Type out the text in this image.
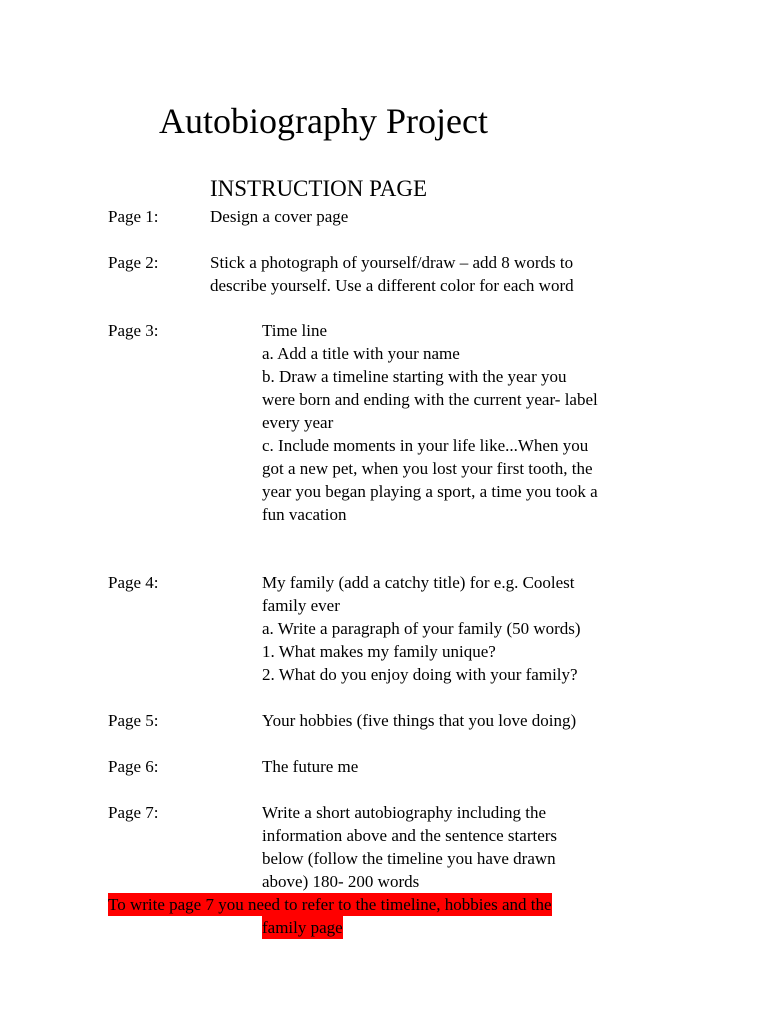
Autobiography Project
INSTRUCTION PAGE
Page 1:	Design a cover page
Page 2:	Stick a photograph of yourself/draw – add 8 words to
describe yourself. Use a different color for each word
Page 3:	Time line
a. Add a title with your name
b. Draw a timeline starting with the year you
were born and ending with the current year- label
every year
c. Include moments in your life like...When you
got a new pet, when you lost your first tooth, the
year you began playing a sport, a time you took a
fun vacation
Page 4:	My family (add a catchy title) for e.g. Coolest
family ever
a. Write a paragraph of your family (50 words)
1. What makes my family unique?
2. What do you enjoy doing with your family?
Page 5:	Your hobbies (five things that you love doing)
Page 6:	The future me
Page 7:	Write a short autobiography including the
information above and the sentence starters
below (follow the timeline you have drawn
above) 180- 200 words
To write page 7 you need to refer to the timeline, hobbies and the
family page
